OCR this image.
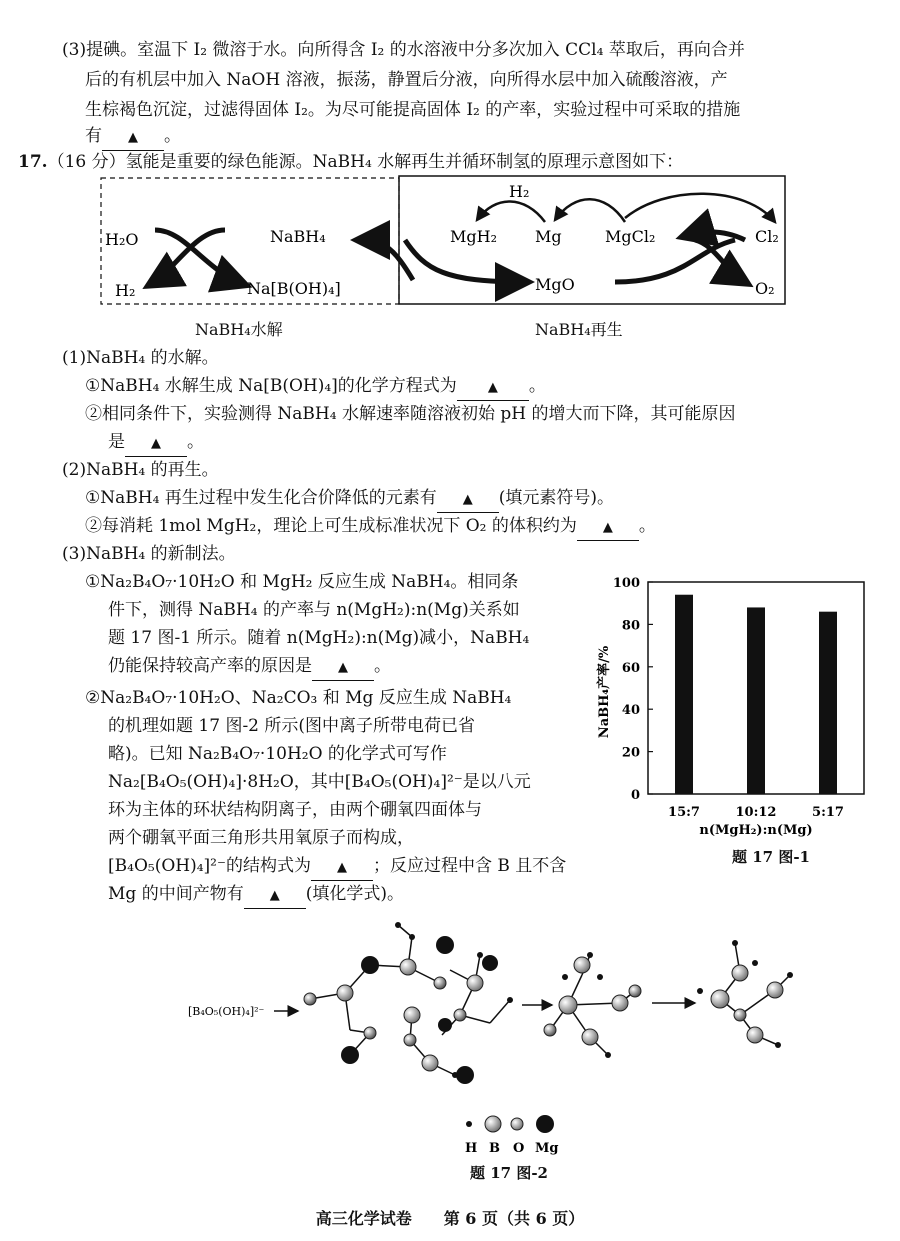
(3)提碘。室温下 I₂ 微溶于水。向所得含 I₂ 的水溶液中分多次加入 CCl₄ 萃取后，再向合并
后的有机层中加入 NaOH 溶液，振荡，静置后分液，向所得水层中加入硫酸溶液，产
生棕褐色沉淀，过滤得固体 I₂。为尽可能提高固体 I₂ 的产率，实验过程中可采取的措施
有 ▲ 。
17.（16 分）氢能是重要的绿色能源。NaBH₄ 水解再生并循环制氢的原理示意图如下：
H₂
H₂O
H₂
NaBH₄
Na[B(OH)₄]
MgH₂ Mg	MgCl₂	Cl₂
MgO	O₂
NaBH₄水解	NaBH₄再生
(1)NaBH₄ 的水解。
①NaBH₄ 水解生成 Na[B(OH)₄]的化学方程式为 ▲ 。
②相同条件下，实验测得 NaBH₄ 水解速率随溶液初始 pH 的增大而下降，其可能原因
是 ▲ 。
(2)NaBH₄ 的再生。
①NaBH₄ 再生过程中发生化合价降低的元素有 ▲ (填元素符号)。
②每消耗 1mol MgH₂，理论上可生成标准状况下 O₂ 的体积约为 ▲ 。
(3)NaBH₄ 的新制法。
①Na₂B₄O₇·10H₂O 和 MgH₂ 反应生成 NaBH₄。相同条
件下，测得 NaBH₄ 的产率与 n(MgH₂):n(Mg)关系如
题 17 图-1 所示。随着 n(MgH₂):n(Mg)减小，NaBH₄
仍能保持较高产率的原因是 ▲ 。
②Na₂B₄O₇·10H₂O、Na₂CO₃ 和 Mg 反应生成 NaBH₄
的机理如题 17 图-2 所示(图中离子所带电荷已省
略)。已知 Na₂B₄O₇·10H₂O 的化学式可写作
Na₂[B₄O₅(OH)₄]·8H₂O，其中[B₄O₅(OH)₄]²⁻是以八元
环为主体的环状结构阴离子，由两个硼氧四面体与
两个硼氧平面三角形共用氧原子而构成，
[B₄O₅(OH)₄]²⁻的结构式为 ▲ ；反应过程中含 B 且不含
Mg 的中间产物有 ▲ (填化学式)。
0
20
40
60
80
100
15:7	10:12	5:17
NaBH₄产率/%
n(MgH₂):n(Mg)
题 17 图-1
[B₄O₅(OH)₄]²⁻
H B O Mg
题 17 图-2
高三化学试卷　　第 6 页（共 6 页）
